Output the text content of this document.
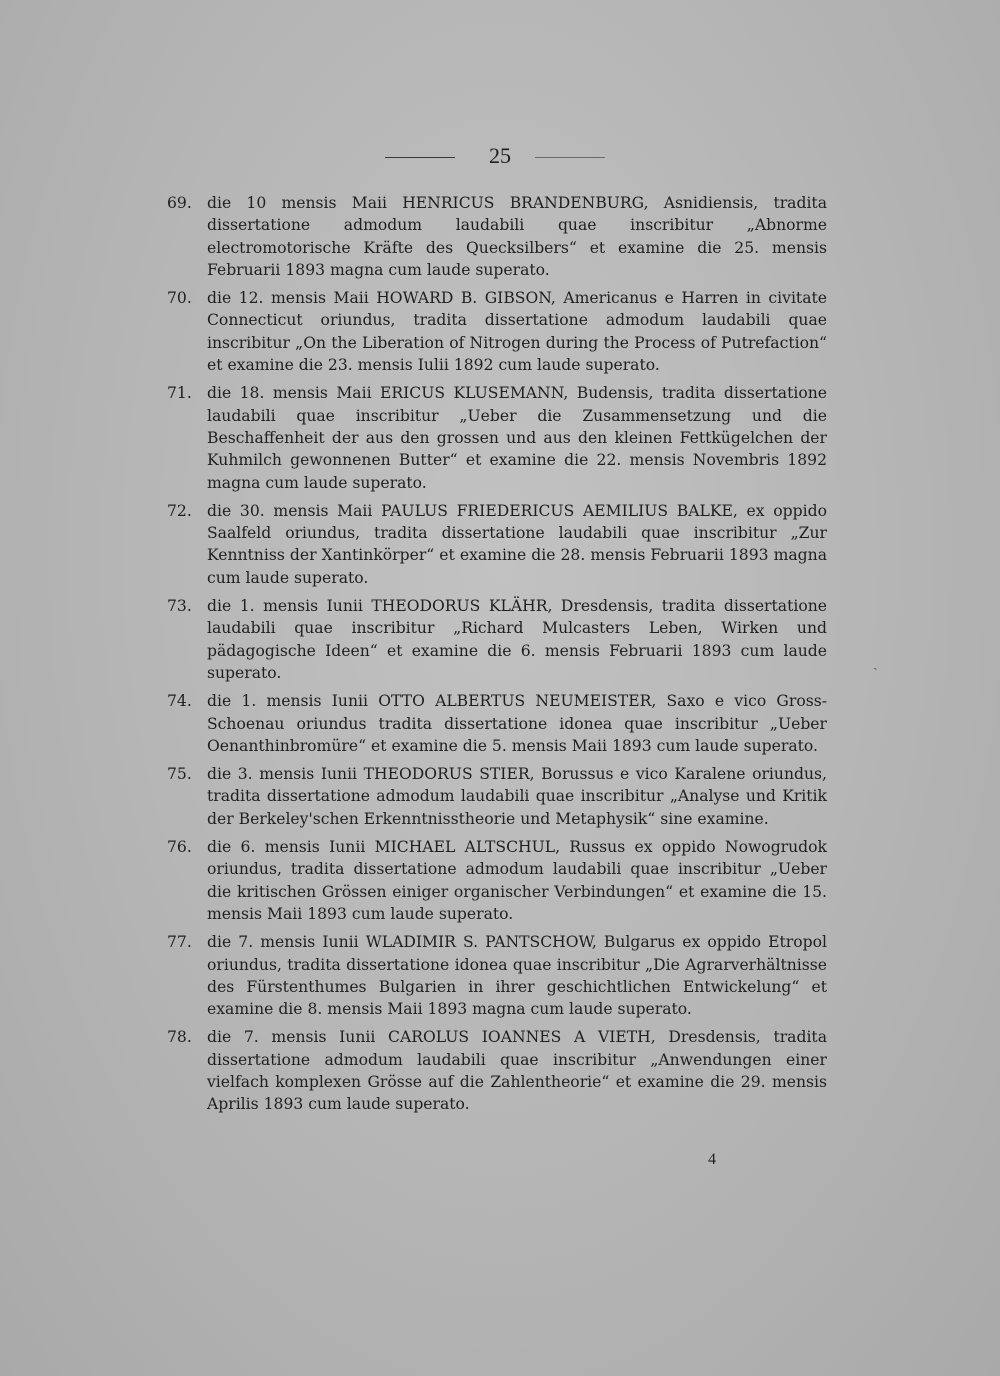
25
69. die 10 mensis Maii HENRICUS BRANDENBURG, Asnidiensis, tradita dissertatione admodum laudabili quae inscribitur „Abnorme electromotorische Kräfte des Quecksilbers“ et examine die 25. mensis Februarii 1893 magna cum laude superato.
70. die 12. mensis Maii HOWARD B. GIBSON, Americanus e Harren in civitate Connecticut oriundus, tradita dissertatione admodum laudabili quae inscribitur „On the Liberation of Nitrogen during the Process of Putrefaction“ et examine die 23. mensis Iulii 1892 cum laude superato.
71. die 18. mensis Maii ERICUS KLUSEMANN, Budensis, tradita dissertatione laudabili quae inscribitur „Ueber die Zusammensetzung und die Beschaffenheit der aus den grossen und aus den kleinen Fettkügelchen der Kuhmilch gewonnenen Butter“ et examine die 22. mensis Novembris 1892 magna cum laude superato.
72. die 30. mensis Maii PAULUS FRIEDERICUS AEMILIUS BALKE, ex oppido Saalfeld oriundus, tradita dissertatione laudabili quae inscribitur „Zur Kenntniss der Xantinkörper“ et examine die 28. mensis Februarii 1893 magna cum laude superato.
73. die 1. mensis Iunii THEODORUS KLÄHR, Dresdensis, tradita dissertatione laudabili quae inscribitur „Richard Mulcasters Leben, Wirken und pädagogische Ideen“ et examine die 6. mensis Februarii 1893 cum laude superato.
74. die 1. mensis Iunii OTTO ALBERTUS NEUMEISTER, Saxo e vico Gross-Schoenau oriundus tradita dissertatione idonea quae inscribitur „Ueber Oenanthinbromüre“ et examine die 5. mensis Maii 1893 cum laude superato.
75. die 3. mensis Iunii THEODORUS STIER, Borussus e vico Karalene oriundus, tradita dissertatione admodum laudabili quae inscribitur „Analyse und Kritik der Berkeley'schen Erkenntnisstheorie und Metaphysik“ sine examine.
76. die 6. mensis Iunii MICHAEL ALTSCHUL, Russus ex oppido Nowogrudok oriundus, tradita dissertatione admodum laudabili quae inscribitur „Ueber die kritischen Grössen einiger organischer Verbindungen“ et examine die 15. mensis Maii 1893 cum laude superato.
77. die 7. mensis Iunii WLADIMIR S. PANTSCHOW, Bulgarus ex oppido Etropol oriundus, tradita dissertatione idonea quae inscribitur „Die Agrarverhältnisse des Fürstenthumes Bulgarien in ihrer geschichtlichen Entwickelung“ et examine die 8. mensis Maii 1893 magna cum laude superato.
78. die 7. mensis Iunii CAROLUS IOANNES A VIETH, Dresdensis, tradita dissertatione admodum laudabili quae inscribitur „Anwendungen einer vielfach komplexen Grösse auf die Zahlentheorie“ et examine die 29. mensis Aprilis 1893 cum laude superato.
4
ˎ
